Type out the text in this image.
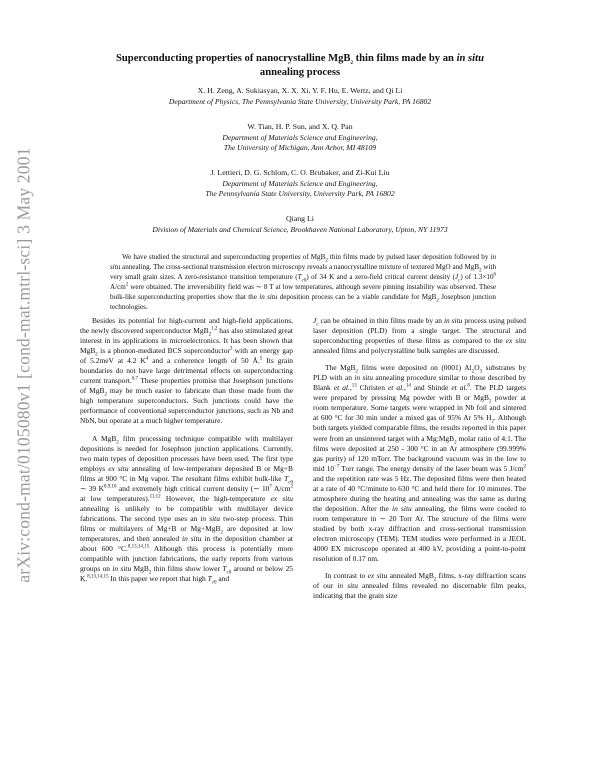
arXiv:cond-mat/0105080v1 [cond-mat.mtrl-sci] 3 May 2001
Superconducting properties of nanocrystalline MgB$_2$ thin films made by an in situ
annealing process
X. H. Zeng, A. Sukiasyan, X. X. Xi, Y. F. Hu, E. Wertz, and Qi Li
Department of Physics, The Pennsylvania State University, University Park, PA 16802
W. Tian, H. P. Sun, and X. Q. Pan
Department of Materials Science and Engineering,
The University of Michigan, Ann Arbor, MI 48109
J. Lettieri, D. G. Schlom, C. O. Brubaker, and Zi-Kui Liu
Department of Materials Science and Engineering,
The Pennsylvania State University, University Park, PA 16802
Qiang Li
Division of Materials and Chemical Science, Brookhaven National Laboratory, Upton, NY 11973

We have studied the structural and superconducting properties of MgB$_2$ thin films made by pulsed laser deposition followed by in situ annealing. The cross-sectional transmission electron microscopy reveals a nanocrystalline mixture of textured MgO and MgB$_2$ with very small grain sizes. A zero-resistance transition temperature $(T_{c0})$ of 34 K and a zero-field critical current density $(J_c)$ of $1.3\times 10^6$ $A/cm^2$ were obtained. The irreversibility field was ∼ 8 T at low temperatures, although severe pinning instability was observed. These bulk-like superconducting properties show that the in situ deposition process can be a viable candidate for MgB$_2$ Josephson junction technologies.

Besides its potential for high-current and high-field applications, the newly discovered superconductor MgB$_2^{1,2}$ has also stimulated great interest in its applications in microelectronics. It has been shown that MgB$_2$ is a phonon-mediated BCS superconductor$^3$ with an energy gap of 5.2meV at 4.2 $K^4$ and a coherence length of 50 Å.$^5$ Its grain boundaries do not have large detrimental effects on superconducting current transport.$^{6,7}$ These properties promise that Josephson junctions of MgB$_2$ may be much easier to fabricate than those made from the high temperature superconductors. Such junctions could have the performance of conventional superconductor junctions, such as Nb and NbN, but operate at a much higher temperature.

A MgB$_2$ film processing technique compatible with multilayer depositions is needed for Josephson junction applications. Currently, two main types of deposition processes have been used. The first type employs ex situ annealing of low-temperature deposited B or Mg+B films at 900 °C in Mg vapor. The resultant films exhibit bulk-like $T_{c0}$ ∼ 39 K$^{8,9,10}$ and extremely high critical current density (∼ $10^7$ $A/cm^2$ at low temperatures).$^{11,12}$ However, the high-temperature ex situ annealing is unlikely to be compatible with multilayer device fabrications. The second type uses an in situ two-step process. Thin films or multilayers of Mg+B or Mg+MgB$_2$ are deposited at low temperatures, and then annealed in situ in the deposition chamber at about 600 °C.$^{8,13,14,15}$ Although this process is potentially more compatible with junction fabrications, the early reports from various groups on in situ MgB$_2$ thin films show lower $T_{c0}$ around or below 25 K.$^{8,13,14,15}$ In this paper we report that high $T_{c0}$ and

$J_c$ can be obtained in thin films made by an in situ process using pulsed laser deposition (PLD) from a single target. The structural and superconducting properties of these films as compared to the ex situ annealed films and polycrystalline bulk samples are discussed.

The MgB$_2$ films were deposited on (0001) $Al_2O_3$ substrates by PLD with an in situ annealing procedure similar to those described by Blank et al.,$^{13}$ Christen et al.,$^{14}$ and Shinde et al.$^8$. The PLD targets were prepared by pressing Mg powder with B or MgB$_2$ powder at room temperature. Some targets were wrapped in Nb foil and sintered at 600 °C for 30 min under a mixed gas of 95% Ar 5% $H_2$. Although both targets yielded comparable films, the results reported in this paper were from an unsintered target with a Mg:MgB$_2$ molar ratio of 4:1. The films were deposited at 250 - 300 °C in an Ar atmosphere (99.999% gas purity) of 120 mTorr. The background vacuum was in the low to mid $10^{-7}$ Torr range. The energy density of the laser beam was 5 $J/cm^2$ and the repetition rate was 5 Hz. The deposited films were then heated at a rate of 40 °C/minute to 630 °C and held there for 10 minutes. The atmosphere during the heating and annealing was the same as during the deposition. After the in situ annealing, the films were cooled to room temperature in ∼ 20 Torr Ar. The structure of the films were studied by both x-ray diffraction and cross-sectional transmission electron microscopy (TEM). TEM studies were performed in a JEOL 4000 EX microscope operated at 400 kV, providing a point-to-point resolution of 0.17 nm.

In contrast to ex situ annealed MgB$_2$ films, x-ray diffraction scans of our in situ annealed films revealed no discernable film peaks, indicating that the grain size
